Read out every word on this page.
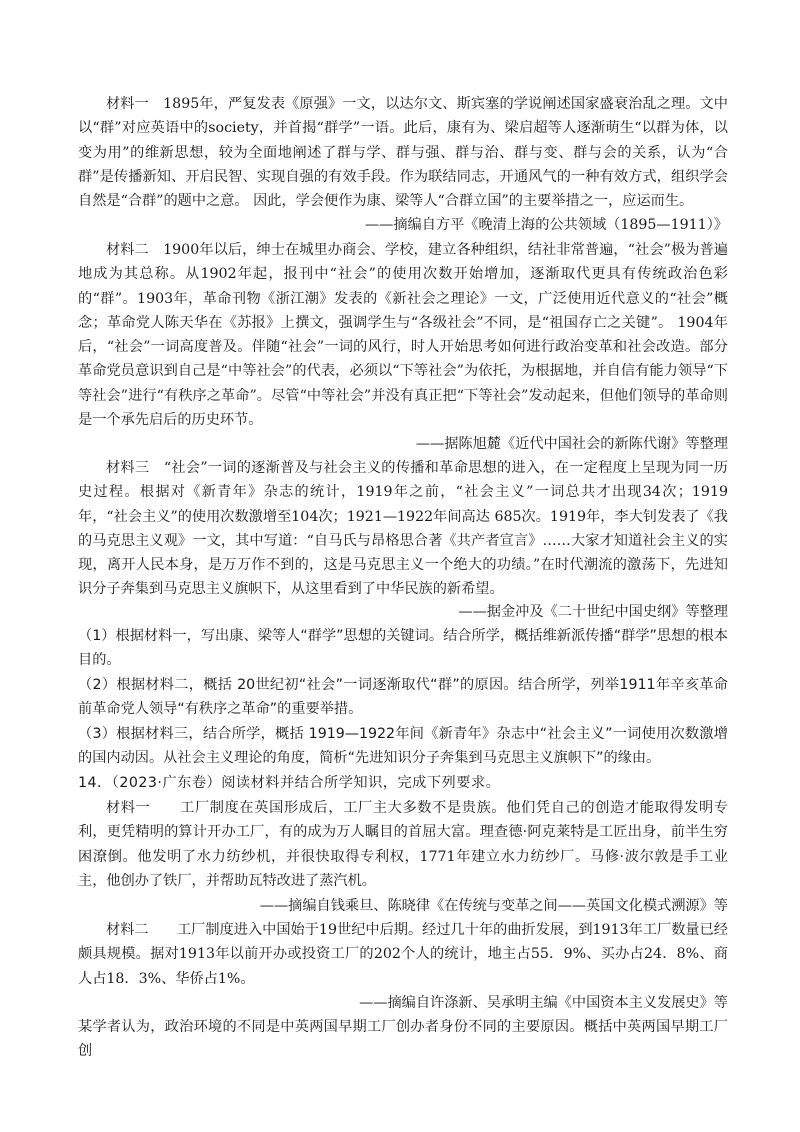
材料一　1895年，严复发表《原强》一文，以达尔文、斯宾塞的学说阐述国家盛衰治乱之理。文中以“群”对应英语中的society，并首揭“群学”一语。此后，康有为、梁启超等人逐渐萌生“以群为体，以变为用”的维新思想，较为全面地阐述了群与学、群与强、群与治、群与变、群与会的关系，认为“合群”是传播新知、开启民智、实现自强的有效手段。作为联结同志，开通风气的一种有效方式，组织学会自然是“合群”的题中之意。 因此，学会便作为康、梁等人“合群立国”的主要举措之一，应运而生。

——摘编自方平《晚清上海的公共领域（1895—1911）》

材料二　1900年以后，绅士在城里办商会、学校，建立各种组织，结社非常普遍，“社会”极为普遍地成为其总称。从1902年起，报刊中“社会”的使用次数开始增加，逐渐取代更具有传统政治色彩的“群”。1903年，革命刊物《浙江潮》发表的《新社会之理论》一文，广泛使用近代意义的“社会”概念；革命党人陈天华在《苏报》上撰文，强调学生与“各级社会”不同，是“祖国存亡之关键”。 1904年后，“社会”一词高度普及。伴随“社会”一词的风行，时人开始思考如何进行政治变革和社会改造。部分革命党员意识到自己是“中等社会”的代表，必须以“下等社会”为依托，为根据地，并自信有能力领导“下等社会”进行“有秩序之革命”。尽管“中等社会”并没有真正把“下等社会”发动起来，但他们领导的革命则是一个承先启后的历史环节。

——据陈旭麓《近代中国社会的新陈代谢》等整理

材料三　“社会”一词的逐渐普及与社会主义的传播和革命思想的进入，在一定程度上呈现为同一历史过程。根据对《新青年》杂志的统计，1919年之前，“社会主义”一词总共才出现34次；1919年，“社会主义”的使用次数激增至104次；1921—1922年间高达 685次。1919年，李大钊发表了《我的马克思主义观》一文，其中写道：“自马氏与昂格思合著《共产者宣言》……大家才知道社会主义的实现，离开人民本身，是万万作不到的，这是马克思主义一个绝大的功绩。”在时代潮流的激荡下，先进知识分子奔集到马克思主义旗帜下，从这里看到了中华民族的新希望。

——据金冲及《二十世纪中国史纲》等整理

（1）根据材料一，写出康、梁等人“群学”思想的关键词。结合所学，概括维新派传播“群学”思想的根本目的。

（2）根据材料二，概括 20世纪初“社会”一词逐渐取代“群”的原因。结合所学，列举1911年辛亥革命前革命党人领导“有秩序之革命”的重要举措。

（3）根据材料三，结合所学，概括 1919—1922年间《新青年》杂志中“社会主义”一词使用次数激增的国内动因。从社会主义理论的角度，简析“先进知识分子奔集到马克思主义旗帜下”的缘由。

14．（2023·广东卷）阅读材料并结合所学知识，完成下列要求。

材料一　　工厂制度在英国形成后，工厂主大多数不是贵族。他们凭自己的创造才能取得发明专利，更凭精明的算计开办工厂，有的成为万人瞩目的首屈大富。理查德·阿克莱特是工匠出身，前半生穷困潦倒。他发明了水力纺纱机，并很快取得专利权，1771年建立水力纺纱厂。马修·波尔敦是手工业主，他创办了铁厂，并帮助瓦特改进了蒸汽机。

——摘编自钱乘旦、陈晓律《在传统与变革之间——英国文化模式溯源》等

材料二　　工厂制度进入中国始于19世纪中后期。经过几十年的曲折发展，到1913年工厂数量已经颇具规模。据对1913年以前开办或投资工厂的202个人的统计，地主占55．9%、买办占24．8%、商人占18．3%、华侨占1%。

——摘编自许涤新、吴承明主编《中国资本主义发展史》等

某学者认为，政治环境的不同是中英两国早期工厂创办者身份不同的主要原因。概括中英两国早期工厂创
